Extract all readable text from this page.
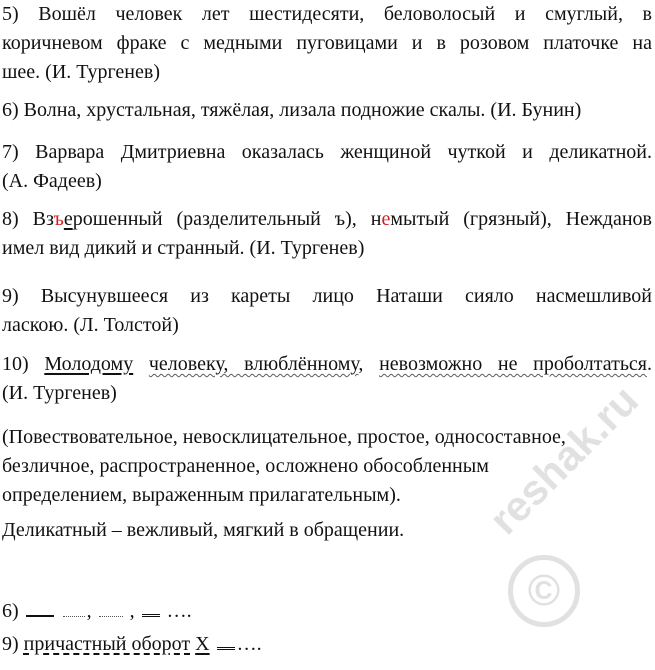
5) Вошёл человек лет шестидесяти, беловолосый и смуглый, в
коричневом фраке с медными пуговицами и в розовом платочке на
шее. (И. Тургенев)

6) Волна, хрустальная, тяжёлая, лизала подножие скалы. (И. Бунин)

7) Варвара Дмитриевна оказалась женщиной чуткой и деликатной.
(А. Фадеев)

8) Взъерошенный (разделительный ъ), немытый (грязный), Нежданов
имел вид дикий и странный. (И. Тургенев)

9) Высунувшееся из кареты лицо Наташи сияло насмешливой
ласкою. (Л. Толстой)

10) Молодому человеку, влюблённому, невозможно не проболтаться.
(И. Тургенев)

(Повествовательное, невосклицательное, простое, односоставное,
безличное, распространенное, осложнено обособленным
определением, выраженным прилагательным).

Деликатный – вежливый, мягкий в обращении.

6)	, , ….

9) причастный оборот Х ….

reshak.ru
©
